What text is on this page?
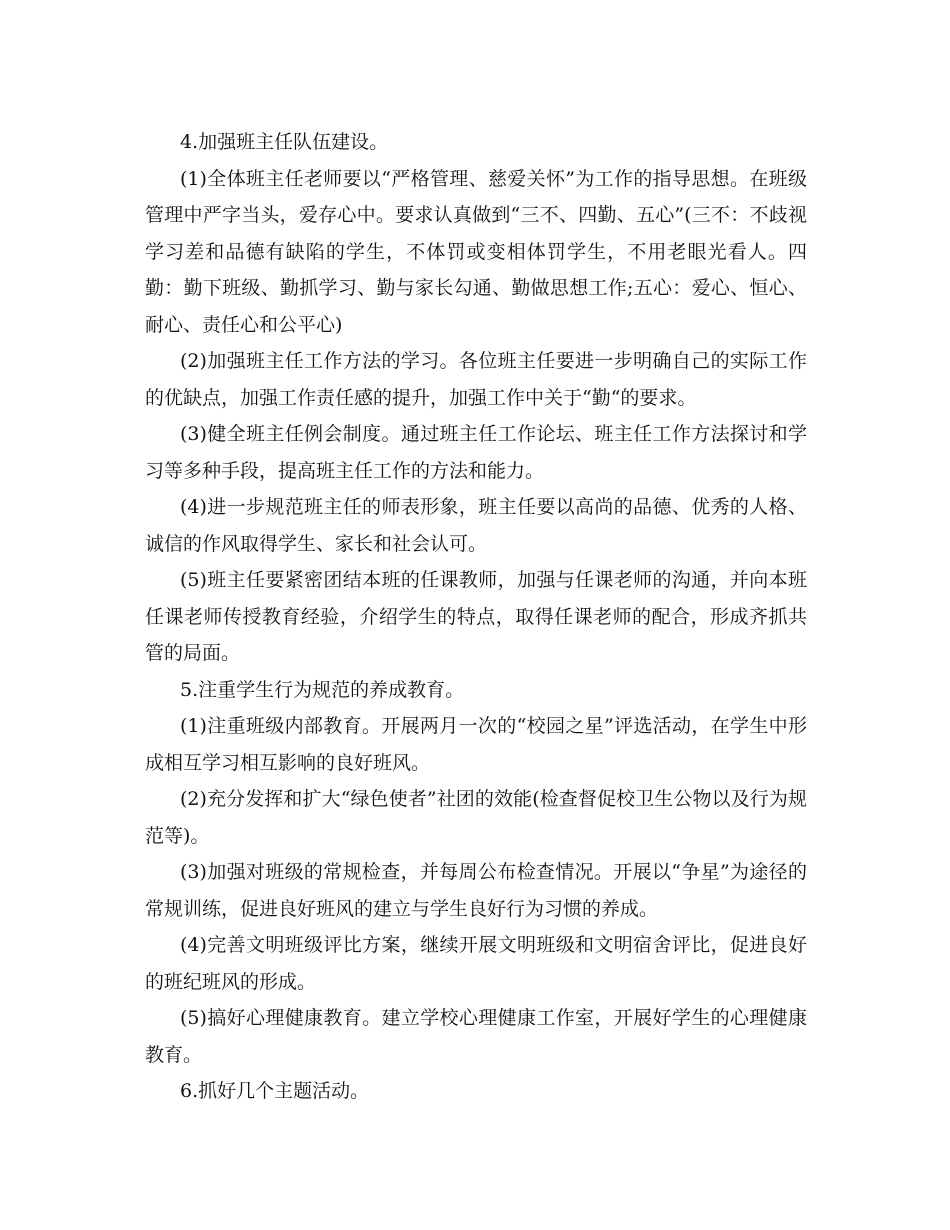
4.加强班主任队伍建设。

(1)全体班主任老师要以“严格管理、慈爱关怀”为工作的指导思想。在班级管理中严字当头，爱存心中。要求认真做到“三不、四勤、五心”(三不：不歧视学习差和品德有缺陷的学生，不体罚或变相体罚学生，不用老眼光看人。四勤：勤下班级、勤抓学习、勤与家长勾通、勤做思想工作;五心：爱心、恒心、耐心、责任心和公平心)

(2)加强班主任工作方法的学习。各位班主任要进一步明确自己的实际工作的优缺点，加强工作责任感的提升，加强工作中关于“勤“的要求。

(3)健全班主任例会制度。通过班主任工作论坛、班主任工作方法探讨和学习等多种手段，提高班主任工作的方法和能力。

(4)进一步规范班主任的师表形象，班主任要以高尚的品德、优秀的人格、诚信的作风取得学生、家长和社会认可。

(5)班主任要紧密团结本班的任课教师，加强与任课老师的沟通，并向本班任课老师传授教育经验，介绍学生的特点，取得任课老师的配合，形成齐抓共管的局面。

5.注重学生行为规范的养成教育。

(1)注重班级内部教育。开展两月一次的“校园之星”评选活动，在学生中形成相互学习相互影响的良好班风。

(2)充分发挥和扩大“绿色使者”社团的效能(检查督促校卫生公物以及行为规范等)。

(3)加强对班级的常规检查，并每周公布检查情况。开展以“争星”为途径的常规训练，促进良好班风的建立与学生良好行为习惯的养成。

(4)完善文明班级评比方案，继续开展文明班级和文明宿舍评比，促进良好的班纪班风的形成。

(5)搞好心理健康教育。建立学校心理健康工作室，开展好学生的心理健康教育。

6.抓好几个主题活动。
